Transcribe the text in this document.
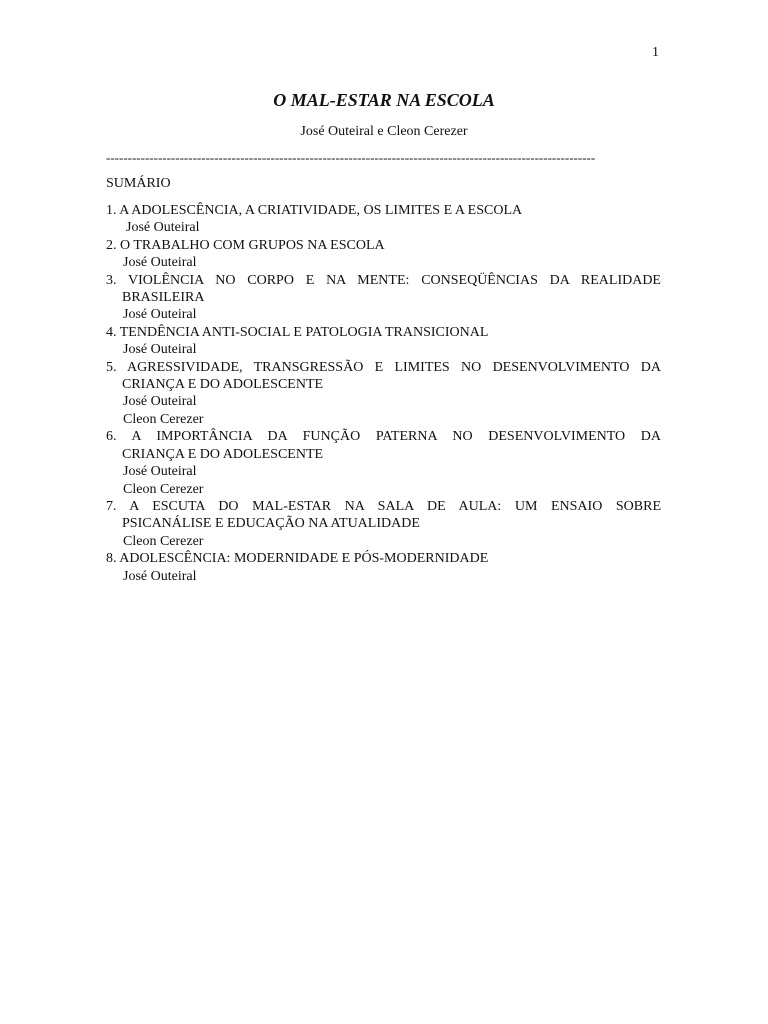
1
O MAL-ESTAR NA ESCOLA
José Outeiral e Cleon Cerezer
-----------------------------------------------------------------------------------------------------------------
SUMÁRIO
1. A ADOLESCÊNCIA, A CRIATIVIDADE, OS LIMITES E A ESCOLA
José Outeiral
2. O TRABALHO COM GRUPOS NA ESCOLA
José Outeiral
3. VIOLÊNCIA NO CORPO E NA MENTE: CONSEQÜÊNCIAS DA REALIDADE
BRASILEIRA
José Outeiral
4. TENDÊNCIA ANTI-SOCIAL E PATOLOGIA TRANSICIONAL
José Outeiral
5. AGRESSIVIDADE, TRANSGRESSÃO E LIMITES NO DESENVOLVIMENTO DA
CRIANÇA E DO ADOLESCENTE
José Outeiral
Cleon Cerezer
6. A IMPORTÂNCIA DA FUNÇÃO PATERNA NO DESENVOLVIMENTO DA
CRIANÇA E DO ADOLESCENTE
José Outeiral
Cleon Cerezer
7. A ESCUTA DO MAL-ESTAR NA SALA DE AULA: UM ENSAIO SOBRE
PSICANÁLISE E EDUCAÇÃO NA ATUALIDADE
Cleon Cerezer
8. ADOLESCÊNCIA: MODERNIDADE E PÓS-MODERNIDADE
José Outeiral
